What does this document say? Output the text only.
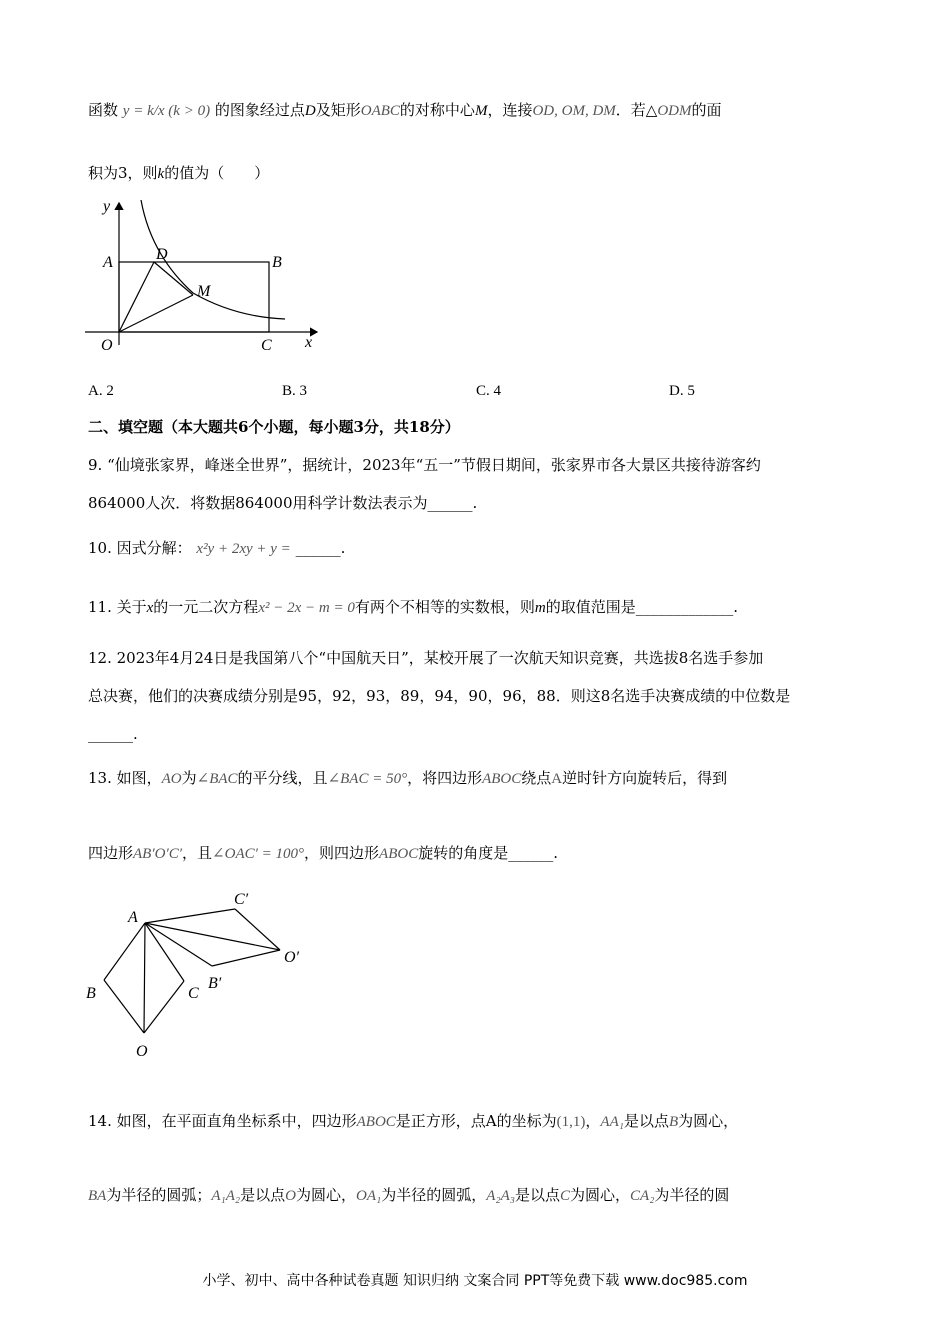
函数 y = k/x (k > 0) 的图象经过点D及矩形OABC的对称中心M，连接OD, OM, DM．若△ODM的面
积为3，则k的值为（　　）
y
x
A	B
C
D
M
O
A. 2	B. 3	C. 4	D. 5
二、填空题（本大题共6个小题，每小题3分，共18分）
9. “仙境张家界，峰迷全世界”，据统计，2023年“五一”节假日期间，张家界市各大景区共接待游客约
864000人次．将数据864000用科学计数法表示为______.
10. 因式分解： x²y + 2xy + y = ______.
11. 关于x的一元二次方程x² − 2x − m = 0有两个不相等的实数根，则m的取值范围是_____________.
12. 2023年4月24日是我国第八个“中国航天日”，某校开展了一次航天知识竞赛，共选拔8名选手参加
总决赛，他们的决赛成绩分别是95，92，93，89，94，90，96，88．则这8名选手决赛成绩的中位数是
______.
13. 如图，AO为∠BAC的平分线，且∠BAC = 50°，将四边形ABOC绕点A逆时针方向旋转后，得到
四边形AB′O′C′，且∠OAC′ = 100°，则四边形ABOC旋转的角度是______.
A
B	C
O
C′
O′
B′
14. 如图，在平面直角坐标系中，四边形ABOC是正方形，点A的坐标为(1,1)，AA₁是以点B为圆心，
BA为半径的圆弧；A₁A₂是以点O为圆心，OA₁为半径的圆弧，A₂A₃是以点C为圆心，CA₂为半径的圆
小学、初中、高中各种试卷真题 知识归纳 文案合同 PPT等免费下载 www.doc985.com
